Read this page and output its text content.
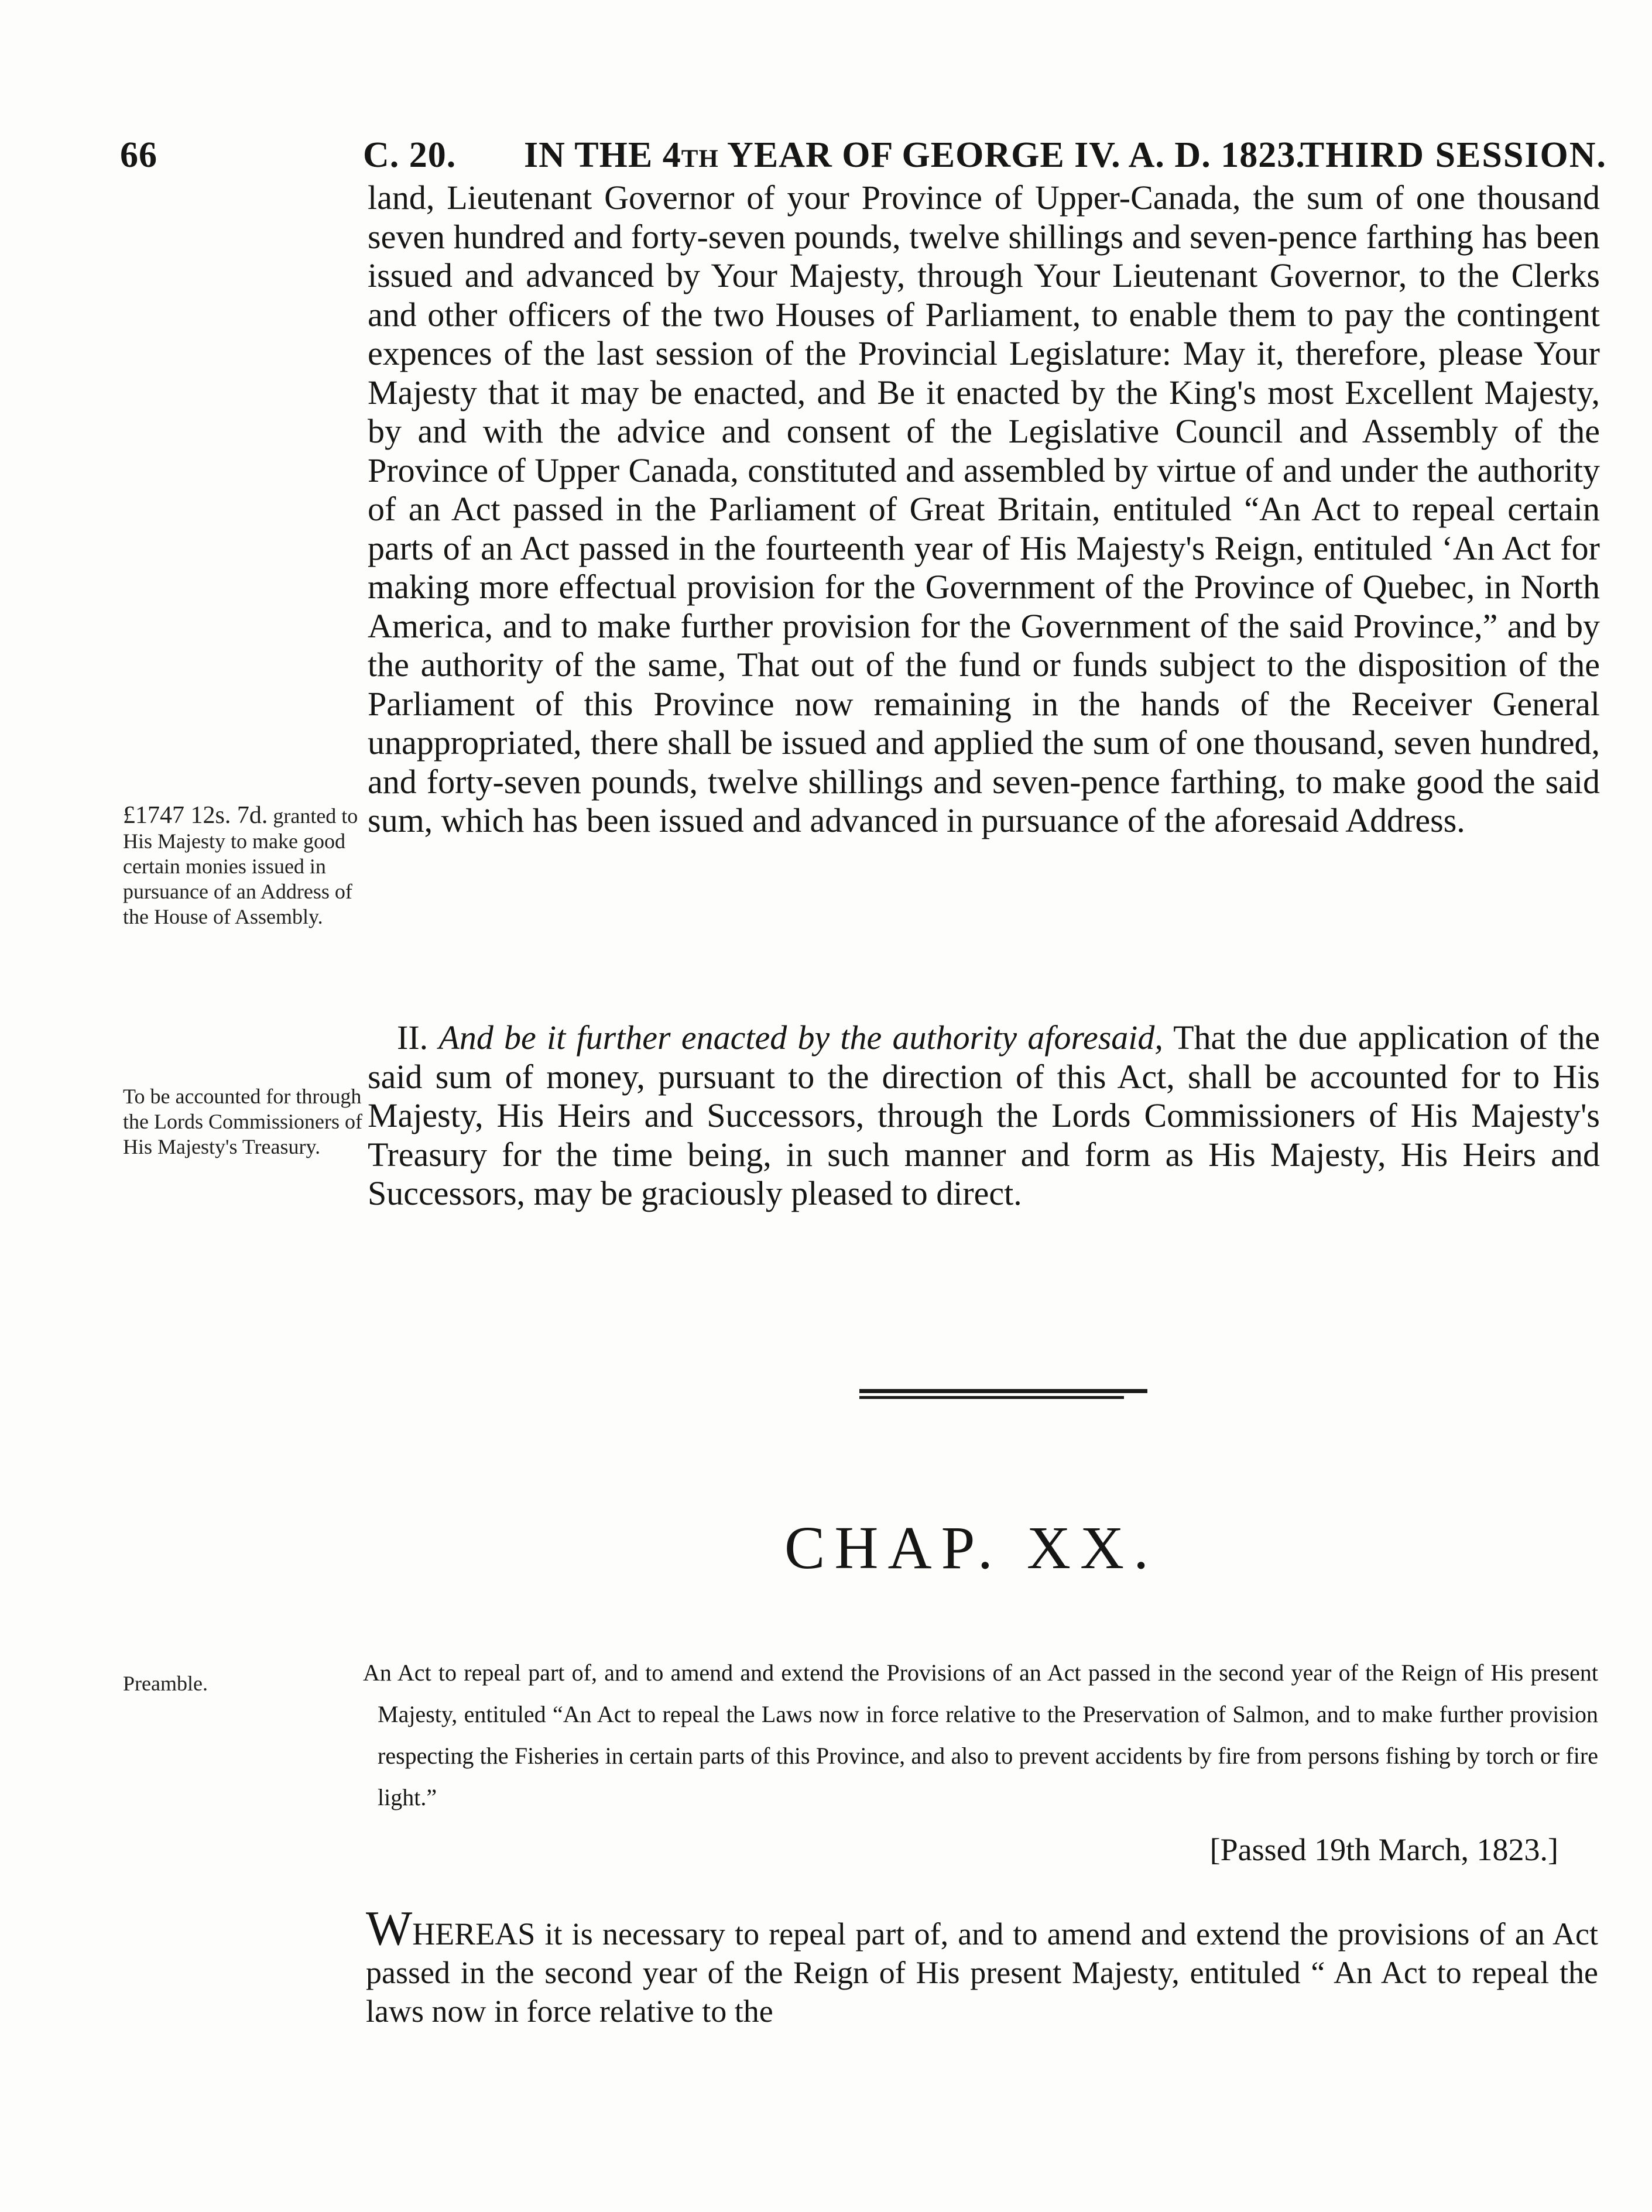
66	C. 20. IN THE 4th YEAR OF GEORGE IV. A. D. 1823.
THIRD SESSION.
land, Lieutenant Governor of your Province of Upper-Canada, the sum of one thousand seven hundred and forty-seven pounds, twelve shillings and seven-pence farthing has been issued and advanced by Your Majesty, through Your Lieutenant Governor, to the Clerks and other officers of the two Houses of Parliament, to enable them to pay the contingent expences of the last session of the Provincial Legislature: May it, therefore, please Your Majesty that it may be enacted, and Be it enacted by the King's most Excellent Majesty, by and with the advice and consent of the Legislative Council and Assembly of the Province of Upper Canada, constituted and assembled by virtue of and under the authority of an Act passed in the Parliament of Great Britain, entituled “An Act to repeal certain parts of an Act passed in the fourteenth year of His Majesty's Reign, entituled ‘An Act for making more effectual provision for the Government of the Province of Quebec, in North America, and to make further provision for the Government of the said Province,” and by the authority of the same, That out of the fund or funds subject to the disposition of the Parliament of this Province now remaining in the hands of the Receiver General unappropriated, there shall be issued and applied the sum of one thousand, seven hundred, and forty-seven pounds, twelve shillings and seven-pence farthing, to make good the said sum, which has been issued and advanced in pursuance of the aforesaid Address.
£1747 12s. 7d. granted to His Majesty to make good certain monies issued in pursuance of an Address of the House of Assembly.
II. And be it further enacted by the authority aforesaid, That the due application of the said sum of money, pursuant to the direction of this Act, shall be accounted for to His Majesty, His Heirs and Successors, through the Lords Commissioners of His Majesty's Treasury for the time being, in such manner and form as His Majesty, His Heirs and Successors, may be graciously pleased to direct.
To be accounted for through the Lords Commissioners of His Majesty's Treasury.
CHAP. XX.
An Act to repeal part of, and to amend and extend the Provisions of an Act passed in the second year of the Reign of His present Majesty, entituled “An Act to repeal the Laws now in force relative to the Preservation of Salmon, and to make further provision respecting the Fisheries in certain parts of this Province, and also to prevent accidents by fire from persons fishing by torch or fire light.”
[Passed 19th March, 1823.]
Preamble.
WHEREAS it is necessary to repeal part of, and to amend and extend the provisions of an Act passed in the second year of the Reign of His present Majesty, entituled “ An Act to repeal the laws now in force relative to the
